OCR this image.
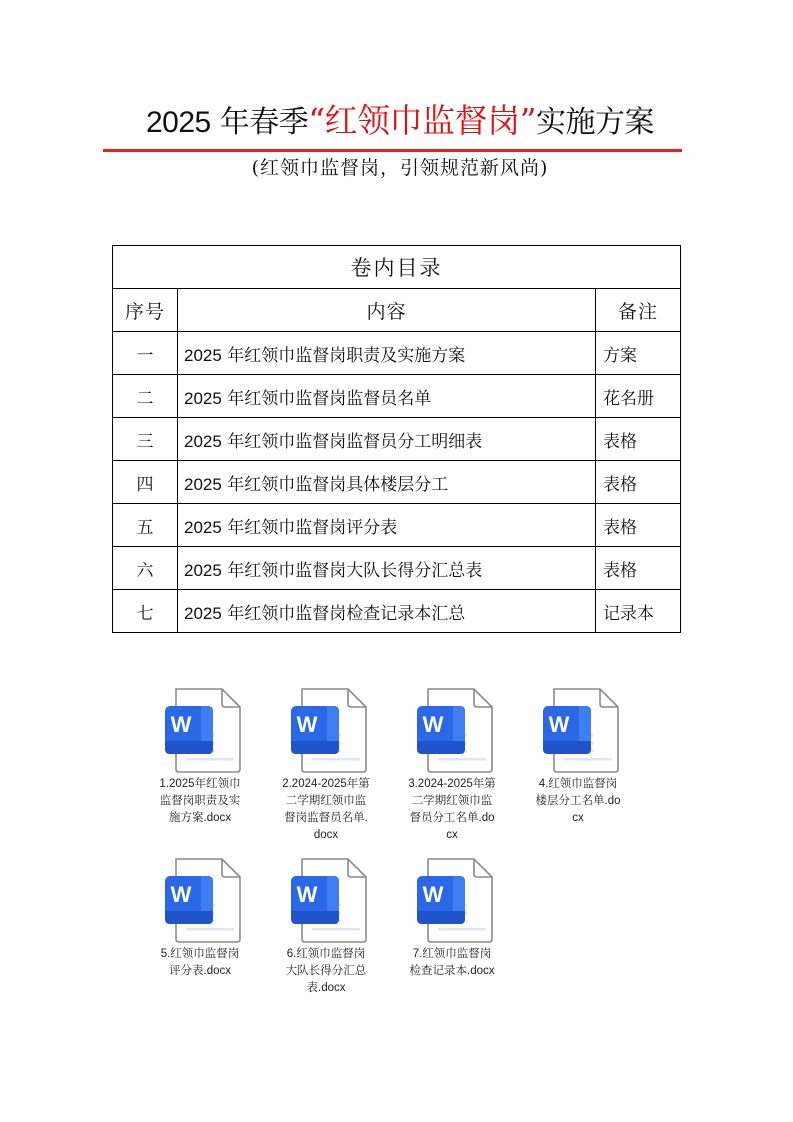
2025 年春季“红领巾监督岗”实施方案
(红领巾监督岗，引领规范新风尚)
卷内目录		
序号	内容	备注
一	2025 年红领巾监督岗职责及实施方案	方案
二	2025 年红领巾监督岗监督员名单	花名册
三	2025 年红领巾监督岗监督员分工明细表	表格
四	2025 年红领巾监督岗具体楼层分工	表格
五	2025 年红领巾监督岗评分表	表格
六	2025 年红领巾监督岗大队长得分汇总表	表格
七	2025 年红领巾监督岗检查记录本汇总	记录本
W
1.2025年红领巾监督岗职责及实施方案.docx
W
2.2024-2025年第二学期红领巾监督岗监督员名单.docx
W
3.2024-2025年第二学期红领巾监督员分工名单.docx
W
4.红领巾监督岗楼层分工名单.docx
W
5.红领巾监督岗评分表.docx
W
6.红领巾监督岗大队长得分汇总表.docx
W
7.红领巾监督岗检查记录本.docx
